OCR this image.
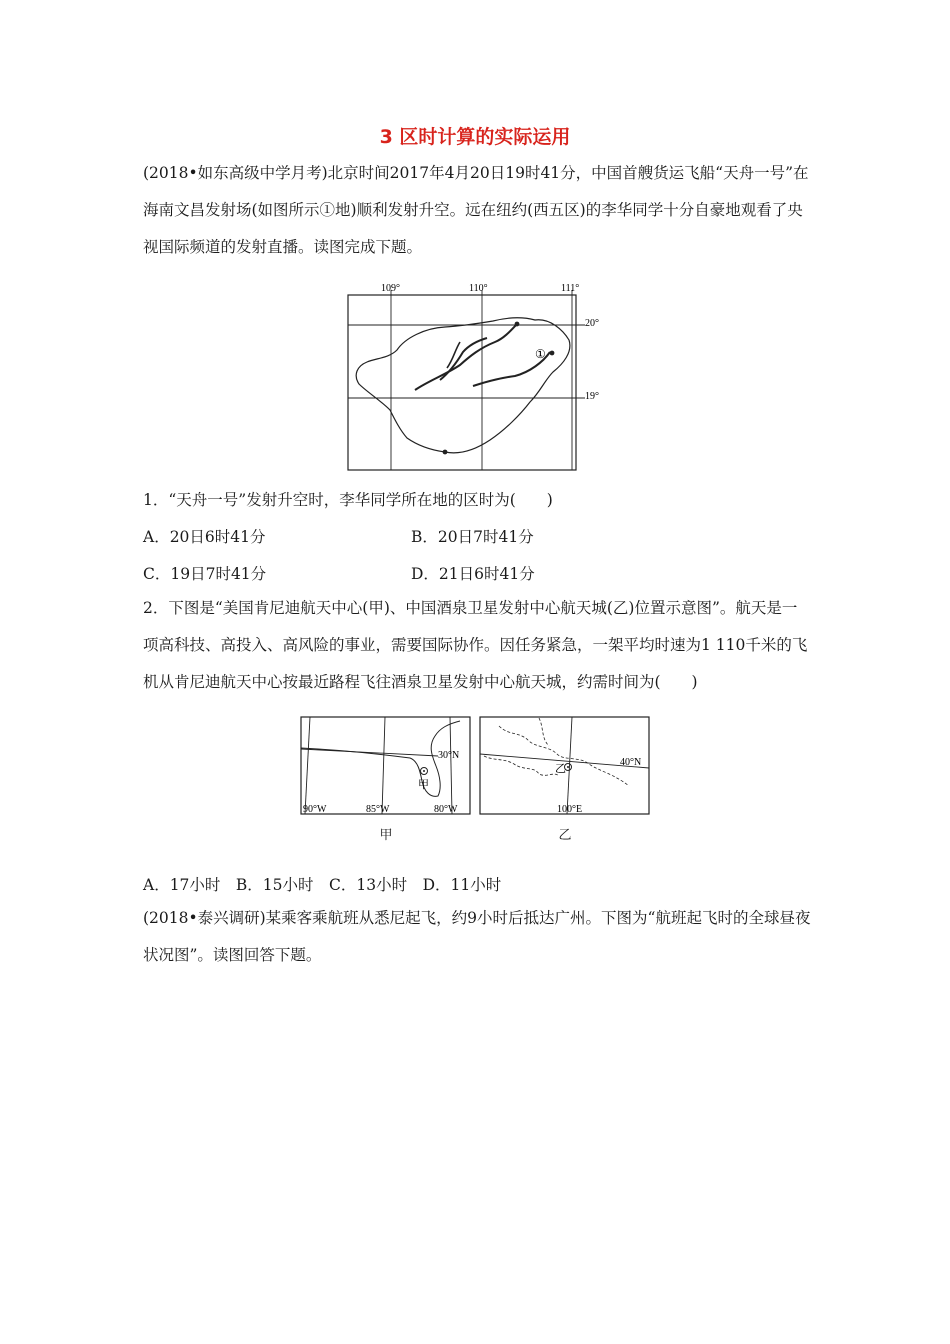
3 区时计算的实际运用
(2018•如东高级中学月考)北京时间2017年4月20日19时41分，中国首艘货运飞船“天舟一号”在海南文昌发射场(如图所示①地)顺利发射升空。远在纽约(西五区)的李华同学十分自豪地观看了央视国际频道的发射直播。读图完成下题。
109°	110°	111°
20°
19°
①
1．“天舟一号”发射升空时，李华同学所在地的区时为(　　)
A．20日6时41分	B．20日7时41分
C．19日7时41分	D．21日6时41分
2．下图是“美国肯尼迪航天中心(甲)、中国酒泉卫星发射中心航天城(乙)位置示意图”。航天是一项高科技、高投入、高风险的事业，需要国际协作。因任务紧急，一架平均时速为1 110千米的飞机从肯尼迪航天中心按最近路程飞往酒泉卫星发射中心航天城，约需时间为(　　)
30°N
甲
90°W	85°W	80°W
甲
乙
40°N
100°E
乙
A．17小时　B．15小时　C．13小时　D．11小时
(2018•泰兴调研)某乘客乘航班从悉尼起飞，约9小时后抵达广州。下图为“航班起飞时的全球昼夜状况图”。读图回答下题。
